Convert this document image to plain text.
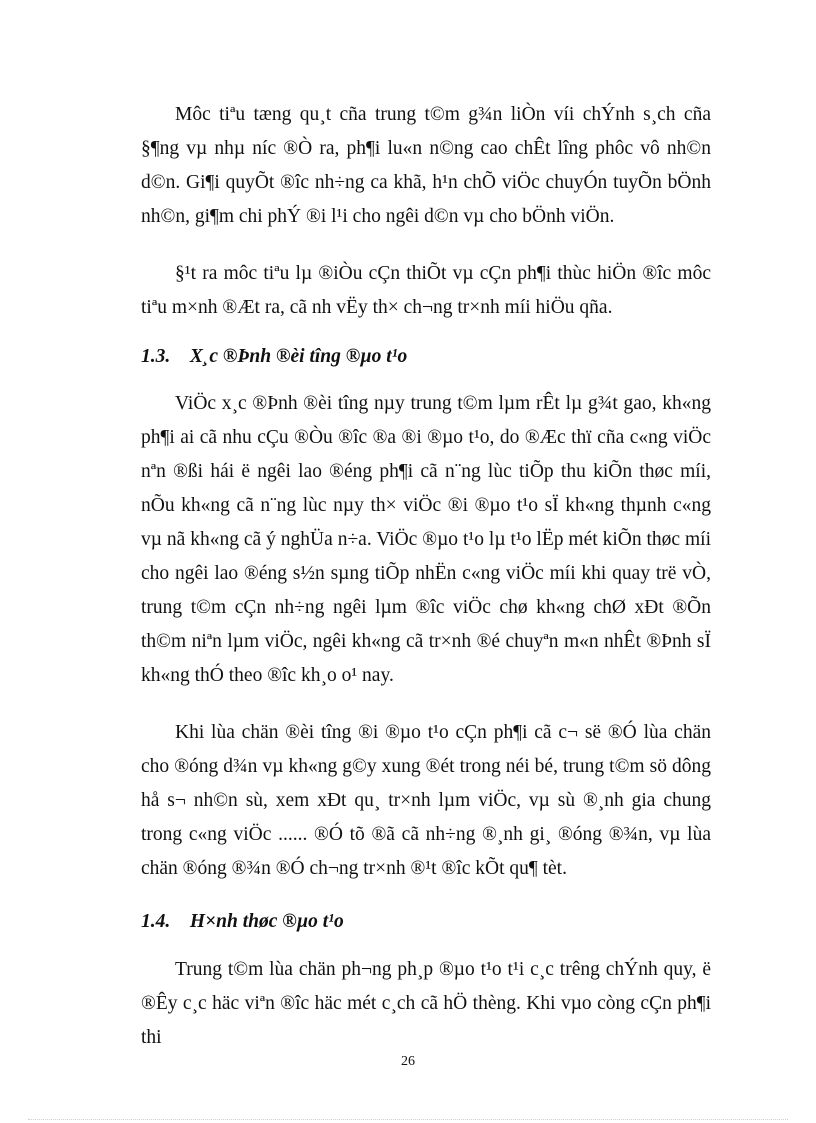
Môc tiªu tæng qu¸t cña trung t©m g¾n liÒn víi chÝnh s¸ch cña §¶ng vµ nhµ níc ®Ò ra, ph¶i lu«n n©ng cao chÊt lîng phôc vô nh©n d©n. Gi¶i quyÕt ®îc nh÷ng ca khã, h¹n chÕ viÖc chuyÓn tuyÕn bÖnh nh©n, gi¶m chi phÝ ®i l¹i cho ngêi d©n vµ cho bÖnh viÖn.

§¹t ra môc tiªu lµ ®iÒu cÇn thiÕt vµ cÇn ph¶i thùc hiÖn ®îc môc tiªu m×nh ®Æt ra, cã nh vËy th× ch¬ng tr×nh míi hiÖu qña.

1.3. X¸c ®Þnh ®èi tîng ®µo t¹o

ViÖc x¸c ®Þnh ®èi tîng nµy trung t©m lµm rÊt lµ g¾t gao, kh«ng ph¶i ai cã nhu cÇu ®Òu ®îc ®a ®i ®µo t¹o, do ®Æc thï cña c«ng viÖc nªn ®ßi hái ë ngêi lao ®éng ph¶i cã n¨ng lùc tiÕp thu kiÕn thøc míi, nÕu kh«ng cã n¨ng lùc nµy th× viÖc ®i ®µo t¹o sÏ kh«ng thµnh c«ng vµ nã kh«ng cã ý nghÜa n÷a. ViÖc ®µo t¹o lµ t¹o lËp mét kiÕn thøc míi cho ngêi lao ®éng s½n sµng tiÕp nhËn c«ng viÖc míi khi quay trë vÒ, trung t©m cÇn nh÷ng ngêi lµm ®îc viÖc chø kh«ng chØ xÐt ®Õn th©m niªn lµm viÖc, ngêi kh«ng cã tr×nh ®é chuyªn m«n nhÊt ®Þnh sÏ kh«ng thÓ theo ®îc kh¸o o¹ nay.

Khi lùa chän ®èi tîng ®i ®µo t¹o cÇn ph¶i cã c¬ së ®Ó lùa chän cho ®óng d¾n vµ kh«ng g©y xung ®ét trong néi bé, trung t©m sö dông hå s¬ nh©n sù, xem xÐt qu¸ tr×nh lµm viÖc, vµ sù ®¸nh gia chung trong c«ng viÖc ...... ®Ó tõ ®ã cã nh÷ng ®¸nh gi¸ ®óng ®¾n, vµ lùa chän ®óng ®¾n ®Ó ch¬ng tr×nh ®¹t ®îc kÕt qu¶ tèt.

1.4. H×nh thøc ®µo t¹o

Trung t©m lùa chän ph¬ng ph¸p ®µo t¹o t¹i c¸c trêng chÝnh quy, ë ®Êy c¸c häc viªn ®îc häc mét c¸ch cã hÖ thèng. Khi vµo còng cÇn ph¶i thi

26
